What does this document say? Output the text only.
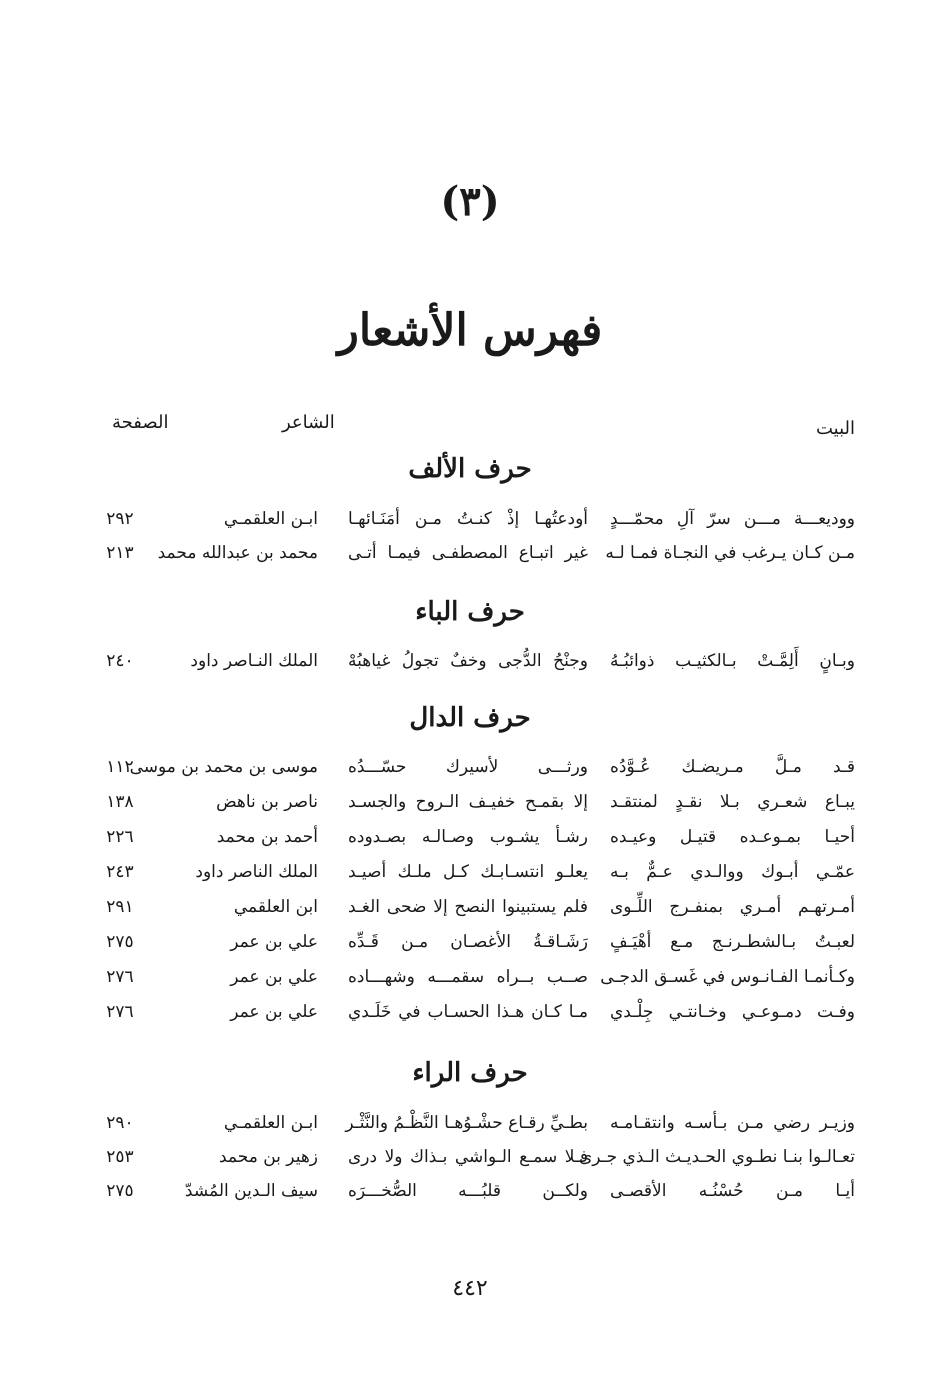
(٣)
فهرس الأشعار
البيت
الشاعر
الصفحة
حرف الألف
ووديعـــة مـــن سرّ آلِ محمّـــدٍ
أودعتُهـا إذْ كنـتُ مـن أمَنَـائهـا
ابـن العلقمـي
٢٩٢
مـن كـان يـرغب في النجـاة فمـا لـه
غير اتبـاع المصطفـى فيمـا أتـى
محمد بن عبدالله محمد
٢١٣
حرف الباء
وبـانٍ أَلِمَّـتْ بـالكثيـب ذوائبُـهُ
وجنْحُ الدُّجى وخفٌ تجولُ غياهبُهْ
الملك النـاصر داود
٢٤٠
حرف الدال
قـد مـلَّ مـريضـك عُـوَّدُه
ورثـــى لأسيرك حسّـــدُه
موسى بن محمد بن موسى
١١٢
يبـاع شعـري بـلا نقـدٍ لمنتقـد
إلا بقمـح خفيـف الـروح والجسـد
ناصر بن ناهض
١٣٨
أحيـا بمـوعـده قتيـل وعيـده
رشـأ يشـوب وصـالـه بصـدوده
أحمد بن محمد
٢٢٦
عمّـي أبـوك ووالـدي عـمٌّ بـه
يعلـو انتسـابـك كـل ملـك أصيـد
الملك الناصر داود
٢٤٣
أمـرتهـم أمـري بمنفـرج اللِّـوى
فلم يستبينوا النصح إلا ضحى الغـد
ابن العلقمي
٢٩١
لعبـتُ بـالشطـرنـج مـع أهْيَـفٍ
رَشَـاقـةُ الأغصـان مـن قَـدِّه
علي بن عمر
٢٧٥
وكـأنمـا الفـانـوس في غَسـق الدجـى
صــب بــراه سقمـــه وشهـــاده
علي بن عمر
٢٧٦
وفـت دمـوعـي وخـانتـي جِلْـدي
مـا كـان هـذا الحسـاب في خَلَـدي
علي بن عمر
٢٧٦
حرف الراء
وزيـر رضي مـن بـأسـه وانتقـامـه
بطـيِّ رقـاع حشْـوُهـا النَّظْـمُ والنَّثْـر
ابـن العلقمـي
٢٩٠
تعـالـوا بنـا نطـوي الحـديـث الـذي جـرى
فـلا سمـع الـواشي بـذاك ولا درى
زهير بن محمد
٢٥٣
أيـا مـن حُسْنُـه الأقصـى
ولكــن قلبُـــه الصُّخـــرَه
سيف الـدين المُشدّ
٢٧٥
٤٤٢
